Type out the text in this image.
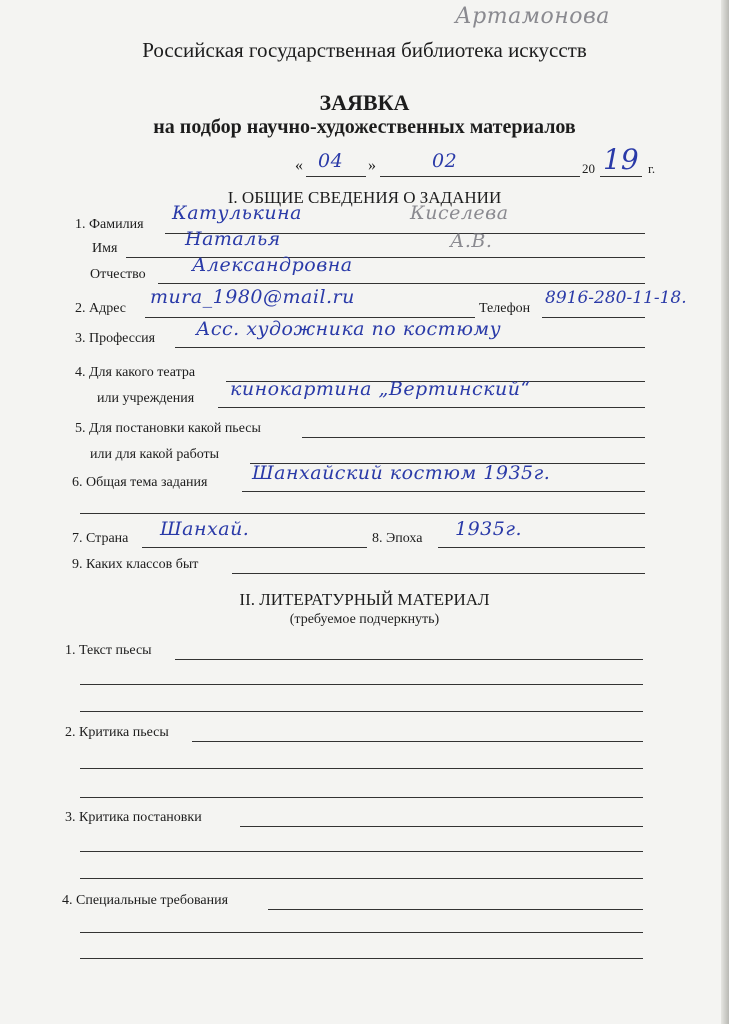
Артамонова
Российская государственная библиотека искусств
ЗАЯВКА
на подбор научно-художественных материалов
« 04 »	02	20 19 г.
I. ОБЩИЕ СВЕДЕНИЯ О ЗАДАНИИ
1. Фамилия
Катулькина	Киселева
Имя	Наталья	А.В.
Отчество Александровна
2. Адрес
mura_1980@mail.ru
Телефон
8916-280-11-18.
3. Профессия Асс. художника по костюму
4. Для какого театра
или учреждения кинокартина „Вертинский“
5. Для постановки какой пьесы
или для какой работы
6. Общая тема задания Шанхайский костюм 1935г.
7. Страна Шанхай.	8. Эпоха 1935г.
9. Каких классов быт
II. ЛИТЕРАТУРНЫЙ МАТЕРИАЛ
(требуемое подчеркнуть)
1. Текст пьесы
2. Критика пьесы
3. Критика постановки
4. Специальные требования
